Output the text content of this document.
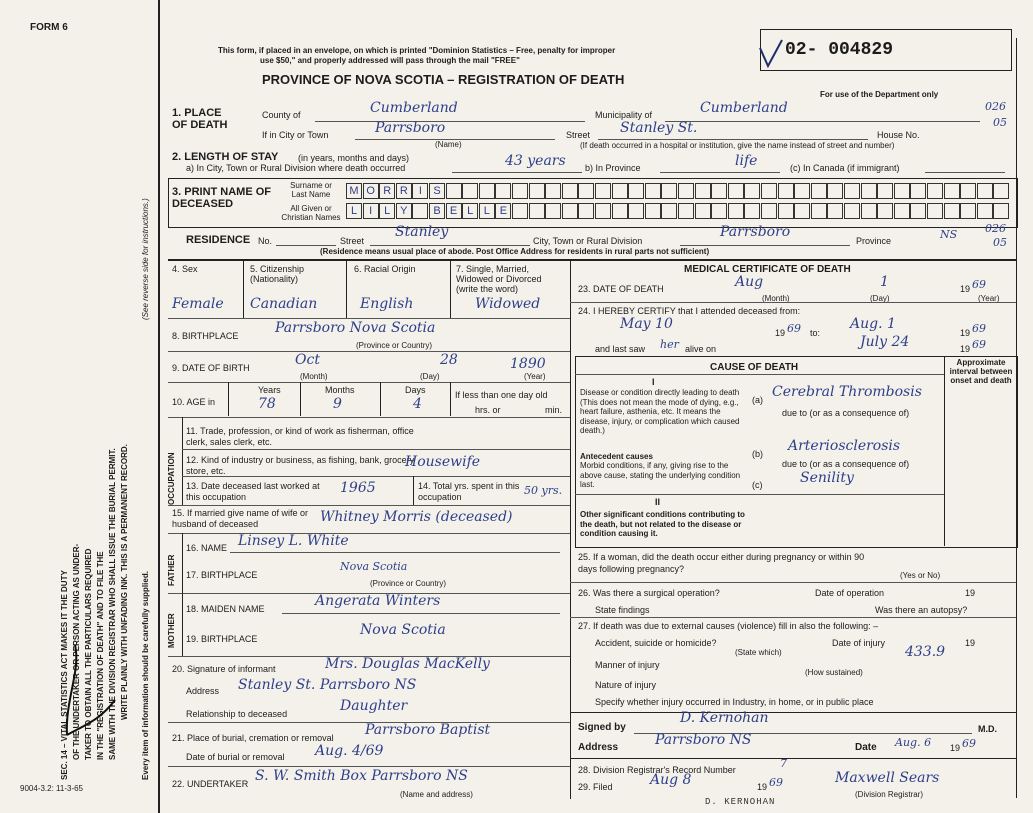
FORM 6
SEC. 14 – VITAL STATISTICS ACT MAKES IT THE DUTY OF THE UNDERTAKER OR PERSON ACTING AS UNDER- TAKER TO OBTAIN ALL THE PARTICULARS REQUIRED IN THE "REGISTRATION OF DEATH" AND TO FILE THE SAME WITH THE DIVISION REGISTRAR WHO SHALL ISSUE THE BURIAL PERMIT. WRITE PLAINLY WITH UNFADING INK. THIS IS A PERMANENT RECORD. Every item of information should be carefully supplied.
(See reverse side for instructions.)
9004-3.2: 11-3-65
This form, if placed in an envelope, on which is printed "Dominion Statistics – Free, penalty for improper
use $50," and properly addressed will pass through the mail "FREE"
PROVINCE OF NOVA SCOTIA – REGISTRATION OF DEATH
02- 004829
For use of the Department only
026
05
1. PLACE OF DEATH
County of	Cumberland	Municipality of	Cumberland
If in City or Town	Parrsboro
(Name)
Street Stanley St.	House No.
(If death occurred in a hospital or institution, give the name instead of street and number)
2. LENGTH OF STAY (in years, months and days)
a) In City, Town or Rural Division where death occurred	43 years b) In Province	life	(c) In Canada (if immigrant)
3. PRINT NAME OF DECEASED
Surname or Last Name
All Given or Christian Names
M O R R	I	S
L	I	L Y	B E L L E
RESIDENCE No.	Street
Stanley
City, Town or Rural Division
Parrsboro
Province	NS	026
05
(Residence means usual place of abode. Post Office Address for residents in rural parts not sufficient)
4. Sex	5. Citizenship (Nationality)
6. Racial Origin	7. Single, Married, Widowed or Divorced (write the word)
Female Canadian	English	Widowed
8. BIRTHPLACE	Parrsboro Nova Scotia
(Province or Country)
9. DATE OF BIRTH	Oct	28	1890
(Month)	(Day)	(Year)
10. AGE in
Years	Months	Days
78	9	4
If less than one day old
hrs. or	min.
OCCUPATION
11. Trade, profession, or kind of work as fisherman, office clerk, sales clerk, etc.
12. Kind of industry or business, as fishing, bank, grocery store, etc.
Housewife
13. Date deceased last worked at this occupation
1965	14. Total yrs. spent in this occupation	50 yrs.
15. If married give name of wife or husband of deceased	Whitney Morris (deceased)
FATHER
16. NAME Linsey L. White
17. BIRTHPLACE
Nova Scotia
(Province or Country)
MOTHER
18. MAIDEN NAME	Angerata Winters
19. BIRTHPLACE
Nova Scotia
20. Signature of informant	Mrs. Douglas MacKelly
Address Stanley St. Parrsboro NS
Relationship to deceased	Daughter
21. Place of burial, cremation or removal Parrsboro Baptist
Date of burial or removal Aug. 4/69
22. UNDERTAKER S. W. Smith Box Parrsboro NS
(Name and address)
MEDICAL CERTIFICATE OF DEATH
23. DATE OF DEATH	Aug	1	19 69
(Month)	(Day)	(Year)
24. I HEREBY CERTIFY that I attended deceased from:
May 10
19 69 to:
Aug. 1
19 69
and last saw her alive on	July 24	19 69
CAUSE OF DEATH	Approximate interval between onset and death
I
Disease or condition directly leading to death (This does not mean the mode of dying, e.g., heart failure, asthenia, etc. It means the disease, injury, or complication which caused death.)
(a) Cerebral Thrombosis
due to (or as a consequence of)
Antecedent causes
Morbid conditions, if any, giving rise to the above cause, stating the underlying condition last.
(b) Arteriosclerosis
due to (or as a consequence of)
(c)	Senility
II
Other significant conditions contributing to the death, but not related to the disease or condition causing it.
25. If a woman, did the death occur either during pregnancy or within 90 days following pregnancy?
(Yes or No)
26. Was there a surgical operation?	Date of operation	19
State findings	Was there an autopsy?
27. If death was due to external causes (violence) fill in also the following: –
Accident, suicide or homicide?	Date of injury	19
(State which)	433.9
Manner of injury
(How sustained)
Nature of injury
Specify whether injury occurred in Industry, in home, or in public place
Signed by
D. Kernohan
M.D.
Address	Parrsboro NS	Date Aug. 6 19 69
28. Division Registrar's Record Number	7
29. Filed	Aug 8	19 69	Maxwell Sears
(Division Registrar)
D. KERNOHAN
